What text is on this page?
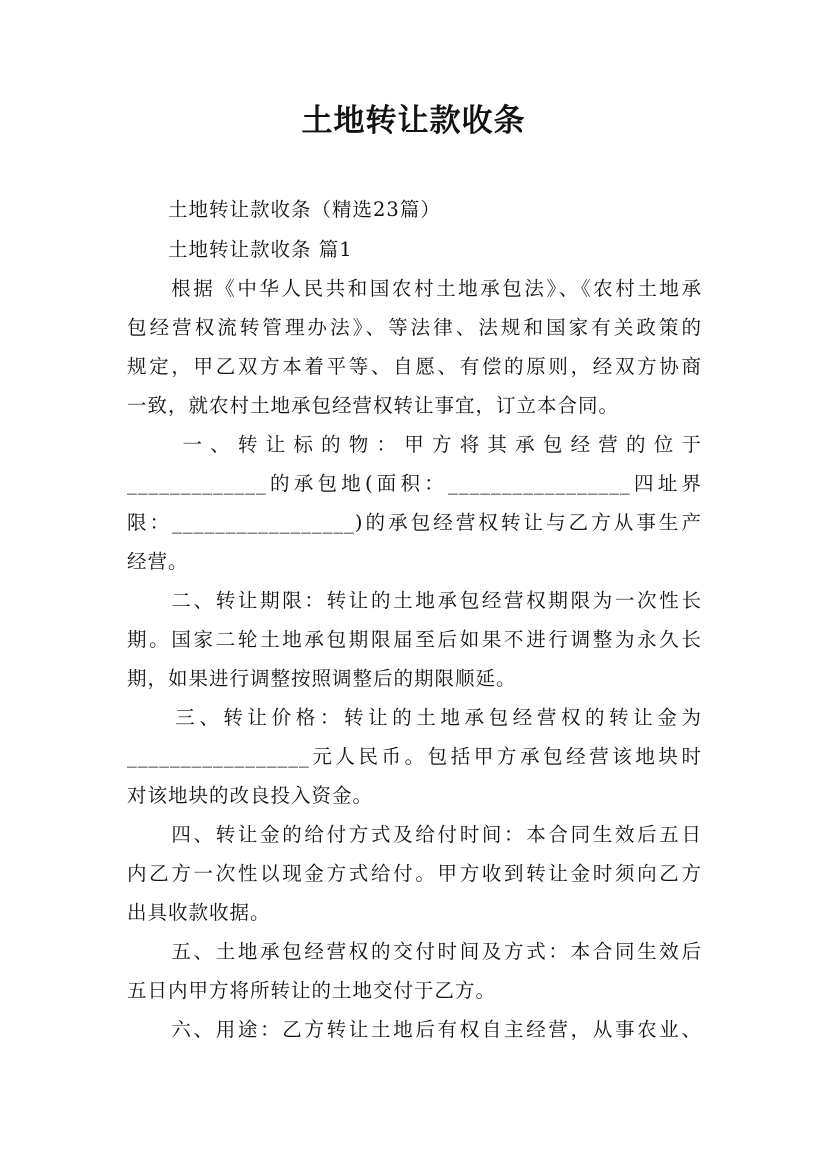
土地转让款收条
　　土地转让款收条（精选23篇）
　　土地转让款收条 篇1
　　根据《中华人民共和国农村土地承包法》、《农村土地承
包经营权流转管理办法》、等法律、法规和国家有关政策的
规定，甲乙双方本着平等、自愿、有偿的原则，经双方协商
一致，就农村土地承包经营权转让事宜，订立本合同。
　　一、转让标的物：甲方将其承包经营的位于
_____________的承包地(面积：_________________四址界
限：_________________)的承包经营权转让与乙方从事生产
经营。
　　二、转让期限：转让的土地承包经营权期限为一次性长
期。国家二轮土地承包期限届至后如果不进行调整为永久长
期，如果进行调整按照调整后的期限顺延。
　　三、转让价格：转让的土地承包经营权的转让金为
_________________元人民币。包括甲方承包经营该地块时
对该地块的改良投入资金。
　　四、转让金的给付方式及给付时间：本合同生效后五日
内乙方一次性以现金方式给付。甲方收到转让金时须向乙方
出具收款收据。
　　五、土地承包经营权的交付时间及方式：本合同生效后
五日内甲方将所转让的土地交付于乙方。
　　六、用途：乙方转让土地后有权自主经营，从事农业、
